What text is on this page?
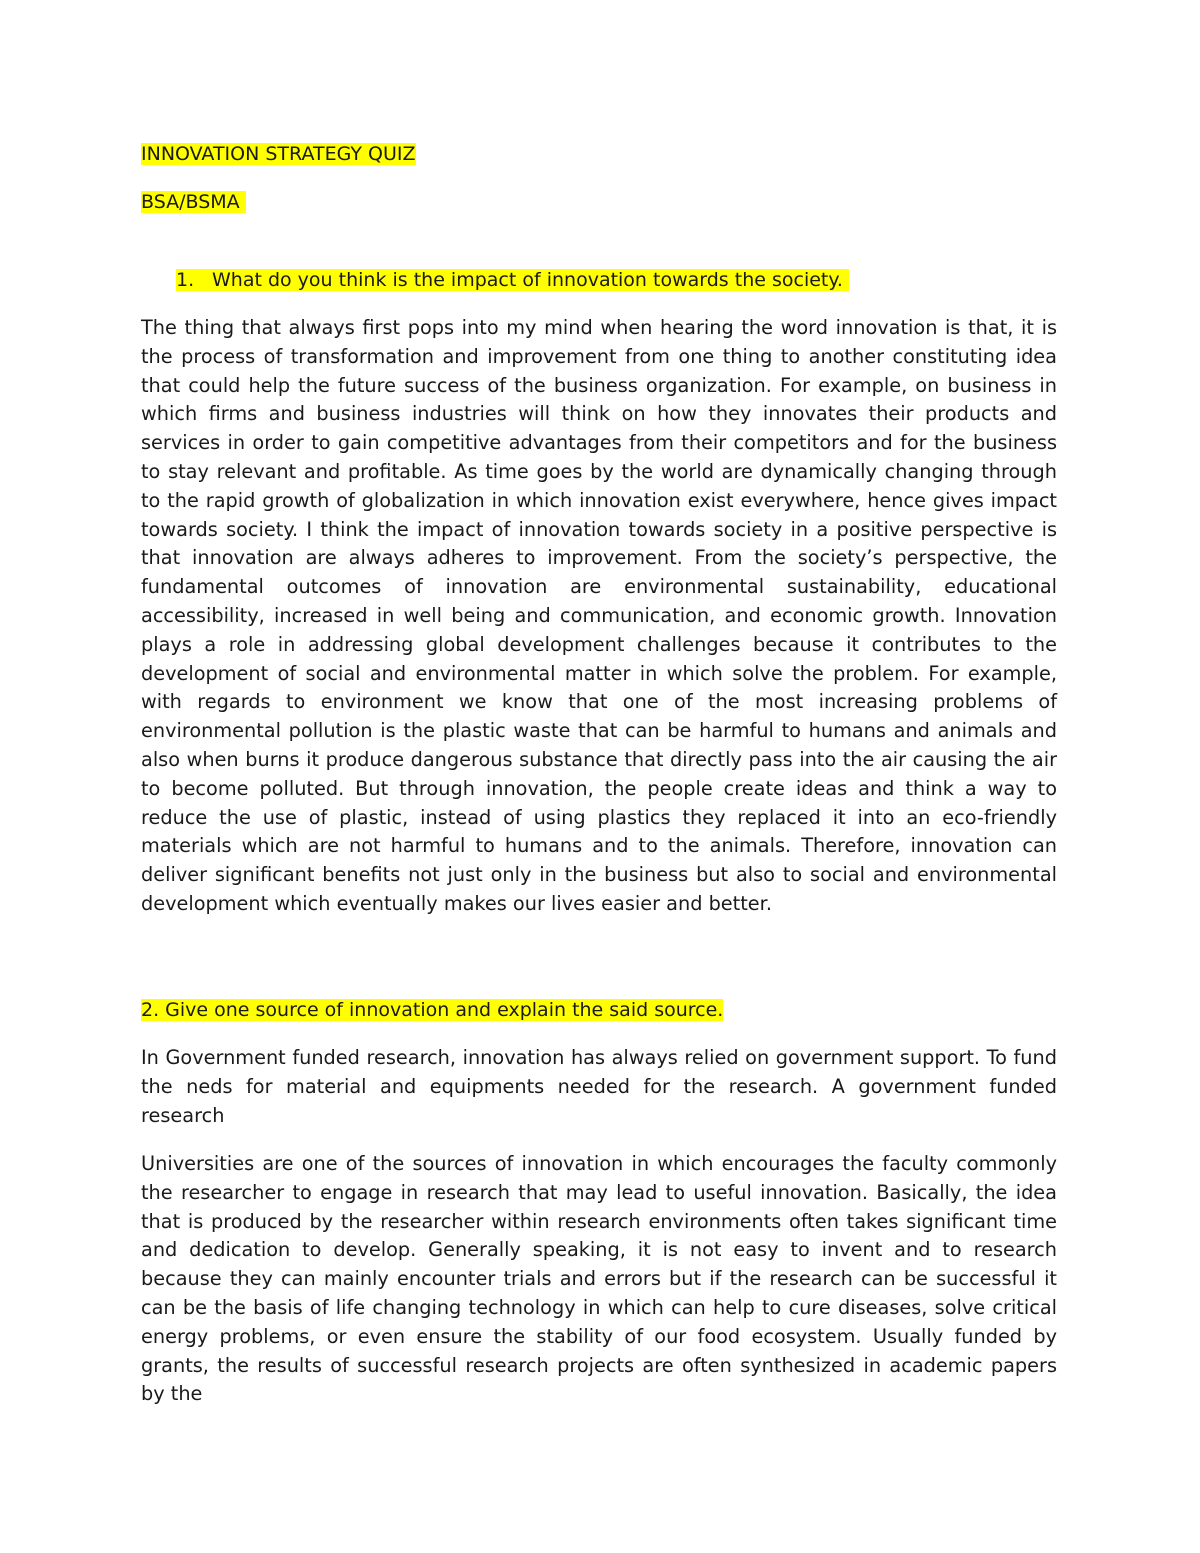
INNOVATION STRATEGY QUIZ

BSA/BSMA

1. What do you think is the impact of innovation towards the society.

The thing that always first pops into my mind when hearing the word innovation is that, it is the process of transformation and improvement from one thing to another constituting idea that could help the future success of the business organization. For example, on business in which firms and business industries will think on how they innovates their products and services in order to gain competitive advantages from their competitors and for the business to stay relevant and profitable. As time goes by the world are dynamically changing through to the rapid growth of globalization in which innovation exist everywhere, hence gives impact towards society. I think the impact of innovation towards society in a positive perspective is that innovation are always adheres to improvement. From the society’s perspective, the fundamental outcomes of innovation are environmental sustainability, educational accessibility, increased in well being and communication, and economic growth. Innovation plays a role in addressing global development challenges because it contributes to the development of social and environmental matter in which solve the problem. For example, with regards to environment we know that one of the most increasing problems of environmental pollution is the plastic waste that can be harmful to humans and animals and also when burns it produce dangerous substance that directly pass into the air causing the air to become polluted. But through innovation, the people create ideas and think a way to reduce the use of plastic, instead of using plastics they replaced it into an eco-friendly materials which are not harmful to humans and to the animals. Therefore, innovation can deliver significant benefits not just only in the business but also to social and environmental development which eventually makes our lives easier and better.

2. Give one source of innovation and explain the said source.

In Government funded research, innovation has always relied on government support. To fund the neds for material and equipments needed for the research. A government funded research

Universities are one of the sources of innovation in which encourages the faculty commonly the researcher to engage in research that may lead to useful innovation. Basically, the idea that is produced by the researcher within research environments often takes significant time and dedication to develop. Generally speaking, it is not easy to invent and to research because they can mainly encounter trials and errors but if the research can be successful it can be the basis of life changing technology in which can help to cure diseases, solve critical energy problems, or even ensure the stability of our food ecosystem. Usually funded by grants, the results of successful research projects are often synthesized in academic papers by the
